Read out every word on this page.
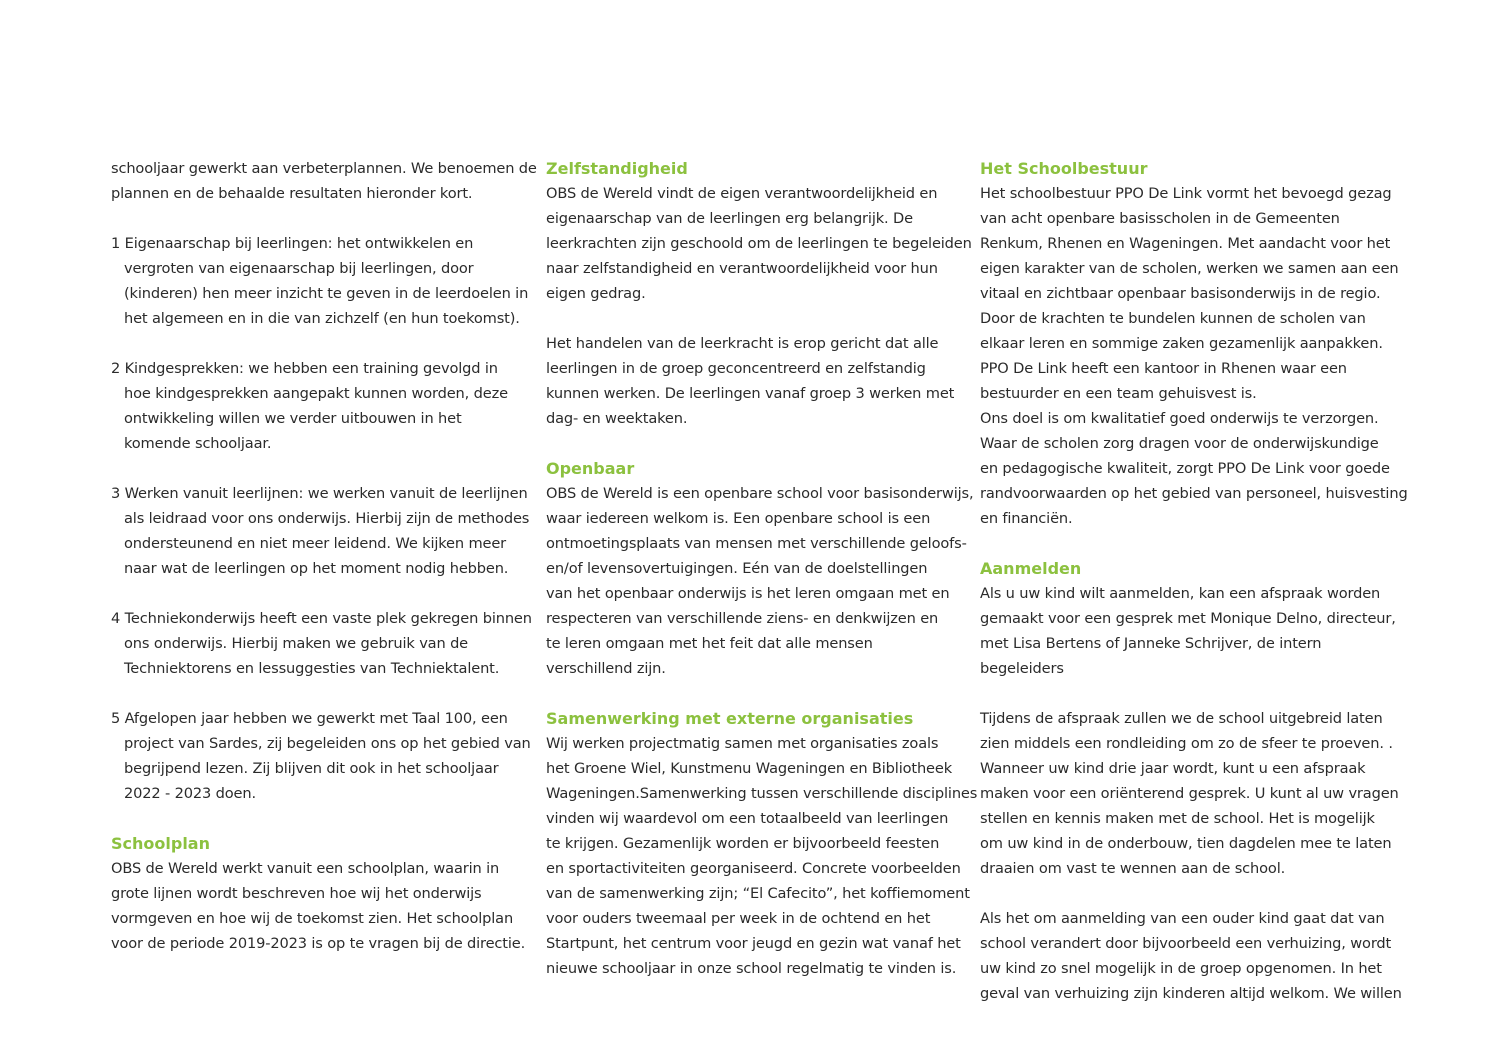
schooljaar gewerkt aan verbeterplannen. We benoemen de
plannen en de behaalde resultaten hieronder kort.
1 Eigenaarschap bij leerlingen: het ontwikkelen en
vergroten van eigenaarschap bij leerlingen, door
(kinderen) hen meer inzicht te geven in de leerdoelen in
het algemeen en in die van zichzelf (en hun toekomst).
2 Kindgesprekken: we hebben een training gevolgd in
hoe kindgesprekken aangepakt kunnen worden, deze
ontwikkeling willen we verder uitbouwen in het
komende schooljaar.
3 Werken vanuit leerlijnen: we werken vanuit de leerlijnen
als leidraad voor ons onderwijs. Hierbij zijn de methodes
ondersteunend en niet meer leidend. We kijken meer
naar wat de leerlingen op het moment nodig hebben.
4 Techniekonderwijs heeft een vaste plek gekregen binnen
ons onderwijs. Hierbij maken we gebruik van de
Techniektorens en lessuggesties van Techniektalent.
5 Afgelopen jaar hebben we gewerkt met Taal 100, een
project van Sardes, zij begeleiden ons op het gebied van
begrijpend lezen. Zij blijven dit ook in het schooljaar
2022 - 2023 doen.
Schoolplan
OBS de Wereld werkt vanuit een schoolplan, waarin in
grote lijnen wordt beschreven hoe wij het onderwijs
vormgeven en hoe wij de toekomst zien. Het schoolplan
voor de periode 2019-2023 is op te vragen bij de directie.
Zelfstandigheid
OBS de Wereld vindt de eigen verantwoordelijkheid en
eigenaarschap van de leerlingen erg belangrijk. De
leerkrachten zijn geschoold om de leerlingen te begeleiden
naar zelfstandigheid en verantwoordelijkheid voor hun
eigen gedrag.
Het handelen van de leerkracht is erop gericht dat alle
leerlingen in de groep geconcentreerd en zelfstandig
kunnen werken. De leerlingen vanaf groep 3 werken met
dag- en weektaken.
Openbaar
OBS de Wereld is een openbare school voor basisonderwijs,
waar iedereen welkom is. Een openbare school is een
ontmoetingsplaats van mensen met verschillende geloofs-
en/of levensovertuigingen. Eén van de doelstellingen
van het openbaar onderwijs is het leren omgaan met en
respecteren van verschillende ziens- en denkwijzen en
te leren omgaan met het feit dat alle mensen
verschillend zijn.
Samenwerking met externe organisaties
Wij werken projectmatig samen met organisaties zoals
het Groene Wiel, Kunstmenu Wageningen en Bibliotheek
Wageningen.Samenwerking tussen verschillende disciplines
vinden wij waardevol om een totaalbeeld van leerlingen
te krijgen. Gezamenlijk worden er bijvoorbeeld feesten
en sportactiviteiten georganiseerd. Concrete voorbeelden
van de samenwerking zijn; “El Cafecito”, het koffiemoment
voor ouders tweemaal per week in de ochtend en het
Startpunt, het centrum voor jeugd en gezin wat vanaf het
nieuwe schooljaar in onze school regelmatig te vinden is.
Het Schoolbestuur
Het schoolbestuur PPO De Link vormt het bevoegd gezag
van acht openbare basisscholen in de Gemeenten
Renkum, Rhenen en Wageningen. Met aandacht voor het
eigen karakter van de scholen, werken we samen aan een
vitaal en zichtbaar openbaar basisonderwijs in de regio.
Door de krachten te bundelen kunnen de scholen van
elkaar leren en sommige zaken gezamenlijk aanpakken.
PPO De Link heeft een kantoor in Rhenen waar een
bestuurder en een team gehuisvest is.
Ons doel is om kwalitatief goed onderwijs te verzorgen.
Waar de scholen zorg dragen voor de onderwijskundige
en pedagogische kwaliteit, zorgt PPO De Link voor goede
randvoorwaarden op het gebied van personeel, huisvesting
en financiën.
Aanmelden
Als u uw kind wilt aanmelden, kan een afspraak worden
gemaakt voor een gesprek met Monique Delno, directeur,
met Lisa Bertens of Janneke Schrijver, de intern
begeleiders
Tijdens de afspraak zullen we de school uitgebreid laten
zien middels een rondleiding om zo de sfeer te proeven. .
Wanneer uw kind drie jaar wordt, kunt u een afspraak
maken voor een oriënterend gesprek. U kunt al uw vragen
stellen en kennis maken met de school. Het is mogelijk
om uw kind in de onderbouw, tien dagdelen mee te laten
draaien om vast te wennen aan de school.
Als het om aanmelding van een ouder kind gaat dat van
school verandert door bijvoorbeeld een verhuizing, wordt
uw kind zo snel mogelijk in de groep opgenomen. In het
geval van verhuizing zijn kinderen altijd welkom. We willen
